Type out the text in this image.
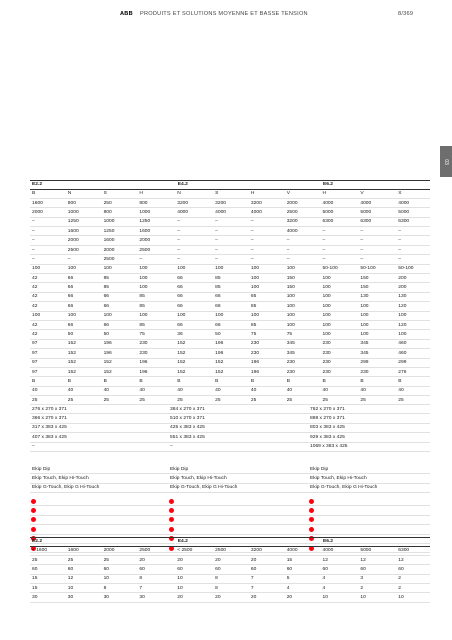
ABB PRODUITS ET SOLUTIONS MOYENNE ET BASSE TENSION	8/369
03
E2.2				E4.2				E6.2		
B	N	S	H	N	S	H	V	H	V	X
1600	800	250	800	3200	3200	3200	2000	4000	4000	4000
2000	1000	800	1000	4000	4000	4000	2500	5000	5000	5000
–	1250	1000	1250	–	–	–	3200	6300	6300	6300
–	1600	1250	1600	–	–	–	4000	–	–	–
–	2000	1600	2000	–	–	–	–	–	–	–
–	2500	2000	2500	–	–	–	–	–	–	–
–	–	2500	–	–	–	–	–	–	–	–
100	100	100	100	100	100	100	100	50-100	50-100	50-100
42	66	85	100	66	85	100	150	100	150	200
42	66	85	100	66	85	100	150	100	150	200
42	66	66	85	66	66	85	100	100	130	130
42	66	66	85	66	66	85	100	100	100	120
100	100	100	100	100	100	100	100	100	100	100
42	66	66	85	66	66	85	100	100	100	120
42	50	50	75	36	50	75	75	100	100	100
97	152	196	230	152	196	230	345	230	345	460
97	152	196	230	152	196	230	345	230	345	460
97	152	152	196	152	152	196	230	230	299	299
97	152	152	196	152	152	196	230	230	230	276
B	B	B	B	B	B	B	B	B	B	B
40	40	40	40	40	40	40	40	40	40	40
25	25	25	25	25	25	25	25	25	25	25
276 x 270 x 371	384 x 270 x 371	762 x 270 x 371
366 x 270 x 371	510 x 270 x 371	888 x 270 x 371
317 x 383 x 425	425 x 383 x 425	803 x 383 x 425
407 x 383 x 425	551 x 383 x 425	929 x 383 x 425
–	–	1069 x 383 x 425
Ekip Dip	Ekip Dip	Ekip Dip
Ekip Touch, Ekip Hi-Touch	Ekip Touch, Ekip Hi-Touch	Ekip Touch, Ekip Hi-Touch
Ekip G-Touch, Ekip G Hi-Touch	Ekip G-Touch, Ekip G Hi-Touch	Ekip G-Touch, Ekip G Hi-Touch
E2.2				E4.2				E6.2		
< 1600	1600	2000	2500	< 2500	2500	3200	4000	4000	5000	6300
25	25	25	20	20	20	20	15	12	12	12
60	60	60	60	60	60	60	60	60	60	60
15	12	10	8	10	8	7	5	4	3	2
15	10	8	7	10	8	7	4	4	2	2
30	30	30	30	20	20	20	20	10	10	10
